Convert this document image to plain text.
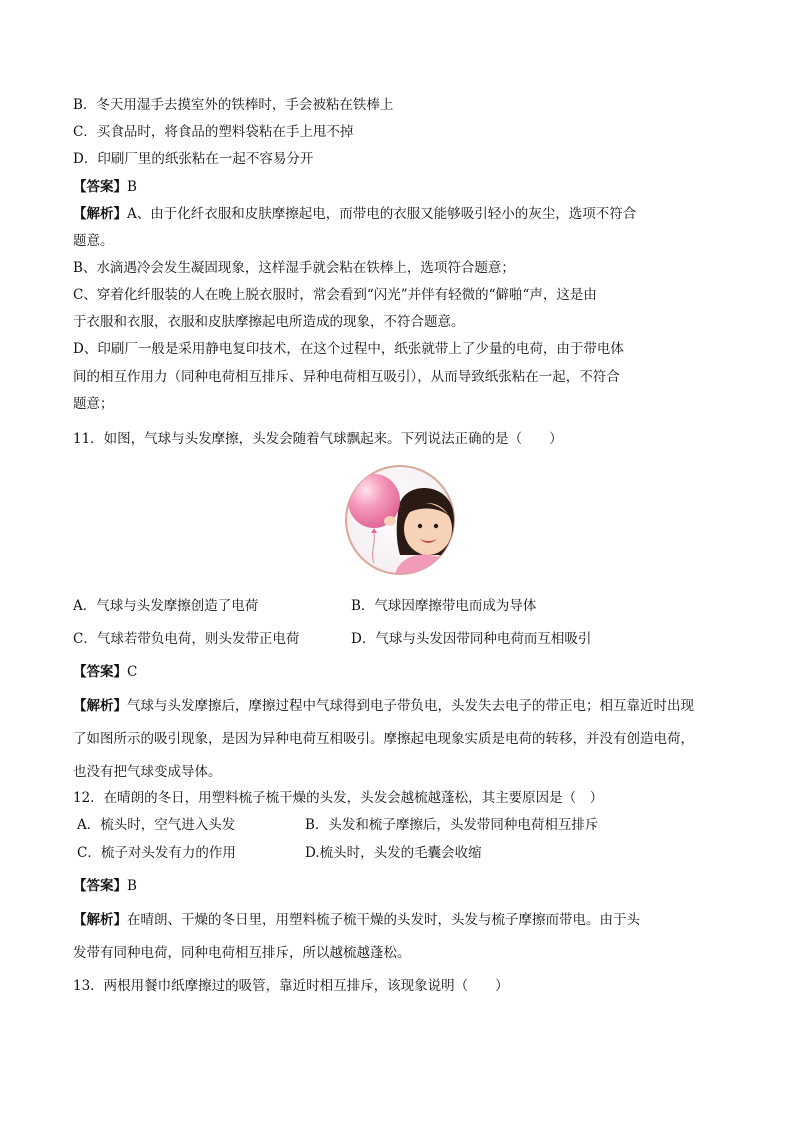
B．冬天用湿手去摸室外的铁棒时，手会被粘在铁棒上
C．买食品时，将食品的塑料袋粘在手上甩不掉
D．印刷厂里的纸张粘在一起不容易分开
【答案】B
【解析】A、由于化纤衣服和皮肤摩擦起电，而带电的衣服又能够吸引轻小的灰尘，选项不符合
题意。
B、水滴遇冷会发生凝固现象，这样湿手就会粘在铁棒上，选项符合题意；
C、穿着化纤服装的人在晚上脱衣服时，常会看到“闪光”并伴有轻微的“僻啪“声，这是由
于衣服和衣服，衣服和皮肤摩擦起电所造成的现象，不符合题意。
D、印刷厂一般是采用静电复印技术，在这个过程中，纸张就带上了少量的电荷，由于带电体
间的相互作用力（同种电荷相互排斥、异种电荷相互吸引），从而导致纸张粘在一起，不符合
题意；
11．如图，气球与头发摩擦，头发会随着气球飘起来。下列说法正确的是（　　）
A．气球与头发摩擦创造了电荷	B．气球因摩擦带电而成为导体
C．气球若带负电荷，则头发带正电荷	D．气球与头发因带同种电荷而互相吸引
【答案】C
【解析】气球与头发摩擦后，摩擦过程中气球得到电子带负电，头发失去电子的带正电；相互靠近时出现
了如图所示的吸引现象，是因为异种电荷互相吸引。摩擦起电现象实质是电荷的转移，并没有创造电荷，
也没有把气球变成导体。
12．在晴朗的冬日，用塑料梳子梳干燥的头发，头发会越梳越蓬松，其主要原因是（　）
A．梳头时，空气进入头发	B．头发和梳子摩擦后，头发带同种电荷相互排斥
C．梳子对头发有力的作用	D.梳头时，头发的毛囊会收缩
【答案】B
【解析】在晴朗、干燥的冬日里，用塑料梳子梳干燥的头发时，头发与梳子摩擦而带电。由于头
发带有同种电荷，同种电荷相互排斥，所以越梳越蓬松。
13．两根用餐巾纸摩擦过的吸管，靠近时相互排斥，该现象说明（　　）
